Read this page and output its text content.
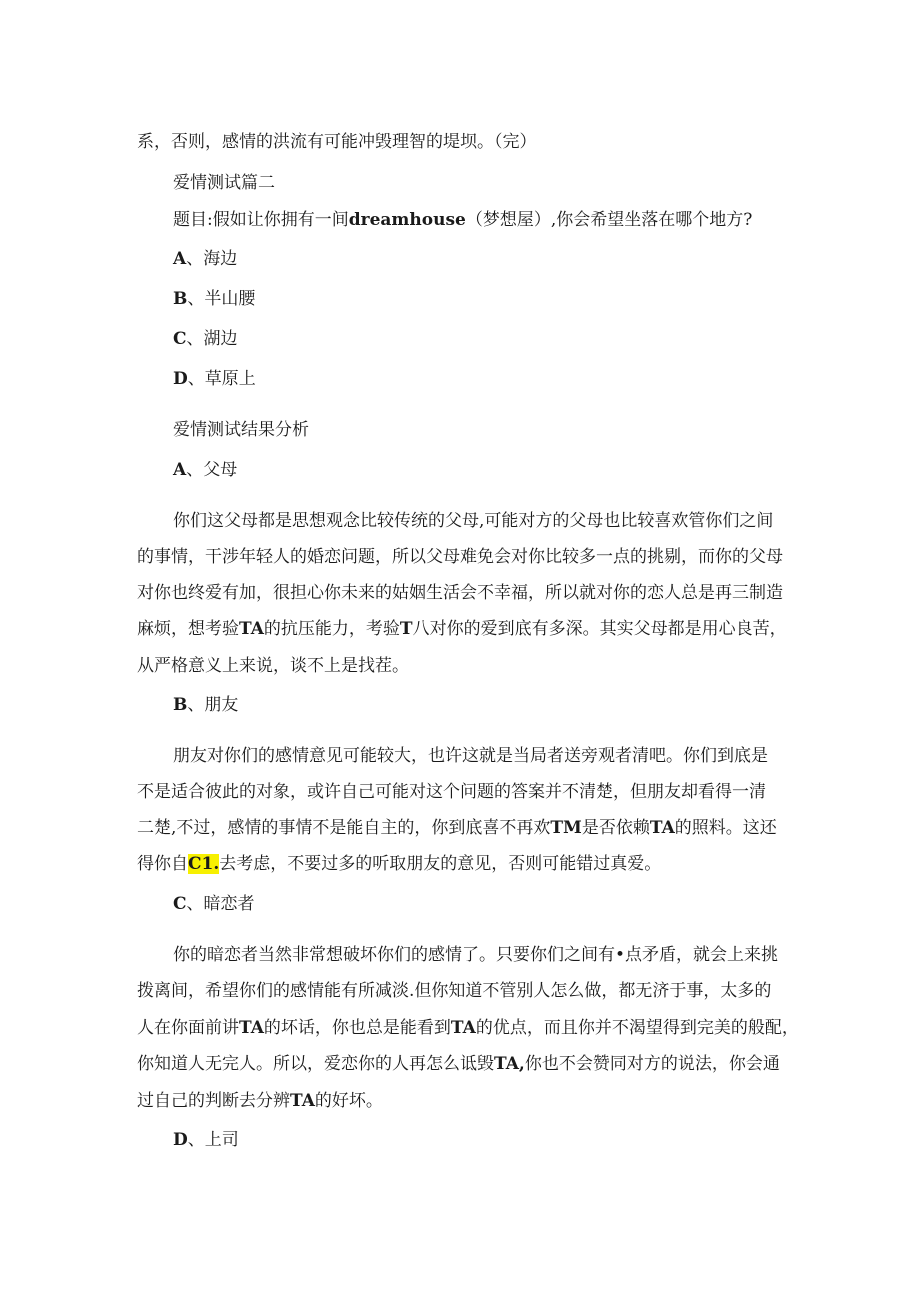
系，否则，感情的洪流有可能冲毁理智的堤坝。（完）
爱情测试篇二
题目:假如让你拥有一间dreamhouse（梦想屋）,你会希望坐落在哪个地方?
A、海边
B、半山腰
C、湖边
D、草原上
爱情测试结果分析
A、父母
你们这父母都是思想观念比较传统的父母,可能对方的父母也比较喜欢管你们之间
的事情，干涉年轻人的婚恋问题，所以父母难免会对你比较多一点的挑剔，而你的父母
对你也终爱有加，很担心你未来的姑姻生活会不幸福，所以就对你的恋人总是再三制造
麻烦，想考验TA的抗压能力，考验T八对你的爱到底有多深。其实父母都是用心良苦，
从严格意义上来说，谈不上是找茬。
B、朋友
朋友对你们的感情意见可能较大，也许这就是当局者送旁观者清吧。你们到底是
不是适合彼此的对象，或许自己可能对这个问题的答案并不清楚，但朋友却看得一清
二楚,不过，感情的事情不是能自主的，你到底喜不再欢TM是否依赖TA的照料。这还
得你自C1.去考虑，不要过多的听取朋友的意见，否则可能错过真爱。
C、暗恋者
你的暗恋者当然非常想破坏你们的感情了。只要你们之间有•点矛盾，就会上来挑
拨离间，希望你们的感情能有所减淡.但你知道不管别人怎么做，都无济于事，太多的
人在你面前讲TA的坏话，你也总是能看到TA的优点，而且你并不渴望得到完美的般配，
你知道人无完人。所以，爱恋你的人再怎么诋毁TA,你也不会赞同对方的说法，你会通
过自己的判断去分辨TA的好坏。
D、上司
